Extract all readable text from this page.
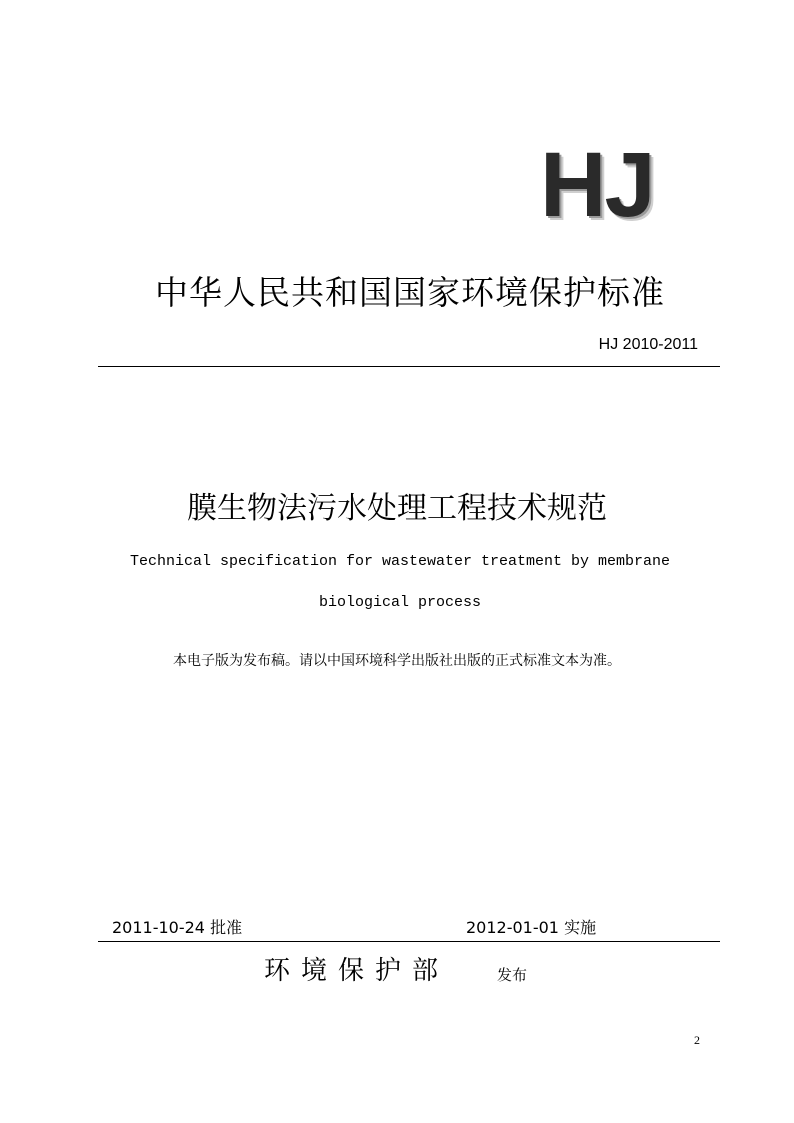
HJ
中华人民共和国国家环境保护标准
HJ 2010-2011
膜生物法污水处理工程技术规范
Technical specification for wastewater treatment by membrane
biological process
本电子版为发布稿。请以中国环境科学出版社出版的正式标准文本为准。
2011-10-24 批准	2012-01-01 实施
环境保护部	发布
2
